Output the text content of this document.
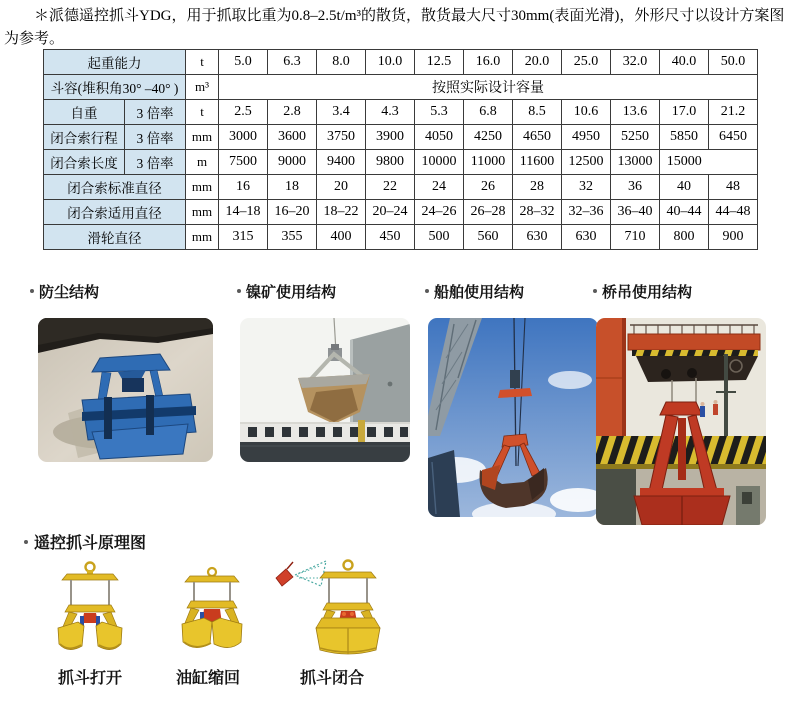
＊派德遥控抓斗YDG，用于抓取比重为0.8–2.5t/m³的散货，散货最大尺寸30mm(表面光滑)，外形尺寸以设计方案图为参考。

起重能力		t	5.0	6.3	8.0	10.0	12.5	16.0	20.0	25.0	32.0	40.0	50.0
斗容(堆积角30° –40° )		m³	按照实际设计容量										
自重	3 倍率	t	2.5	2.8	3.4	4.3	5.3	6.8	8.5	10.6	13.6	17.0	21.2
闭合索行程	3 倍率	mm	3000	3600	3750	3900	4050	4250	4650	4950	5250	5850	6450
闭合索长度	3 倍率	m	7500	9000	9400	9800	10000	11000	11600	12500	13000	15000	
闭合索标准直径		mm	16	18	20	22	24	26	28	32	36	40	48
闭合索适用直径		mm	14–18	16–20	18–22	20–24	24–26	26–28	28–32	32–36	36–40	40–44	44–48
滑轮直径		mm	315	355	400	450	500	560	630	630	710	800	900
防尘结构	镍矿使用结构	船舶使用结构	桥吊使用结构
遥控抓斗原理图
抓斗打开	油缸缩回	抓斗闭合
